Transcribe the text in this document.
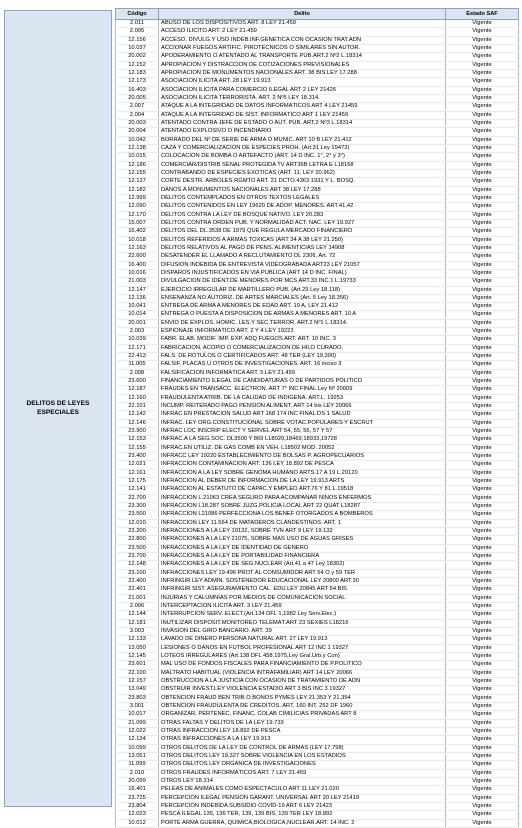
DELITOS DE LEYES ESPECIALES
Código	Delito	Estado SAF
2.011	ABUSO DE LOS DISPOSITIVOS ART. 8 LEY 21.459	Vigente
2.005	ACCESO ILÍCITO ART. 2 LEY 21.459	Vigente
12.156	ACCESO, DIVULG.Y USO INDEB.INF.GENÉTICA CON OCASIÓN TRAT.ADN	Vigente
10.037	ACCIONAR FUEGOS ARTIFIC. PIROTÉCNICOS O SIMILARES SIN AUTOR.	Vigente
20.002	APODERAMIENTO O ATENTADO AL TRANSPORTE PUB.ART.2 Nº2 L.18314	Vigente
12.152	APROPIACIÓN Y DISTRACCIÓN DE COTIZACIONES PREVISIONALES	Vigente
12.183	APROPIACIÓN DE MONUMENTOS NACIONALES ART. 38 BIS LEY 17.288	Vigente
12.173	ASOCIACIÓN ILÍCITA ART. 28 LEY 19.913	Vigente
16.403	ASOCIACIÓN ILÍCITA PARA COMERCIO ILEGAL ART 2 LEY 21426	Vigente
20.005	ASOCIACIÓN ILÍCITA TERRORISTA. ART. 2 Nº5 LEY 18.314.	Vigente
2.007	ATAQUE A LA INTEGRIDAD DE DATOS INFORMÁTICOS ART 4 LEY 21459	Vigente
2.004	ATAQUE A LA INTEGRIDAD DE SIST. INFORMÁTICO ART 1 LEY 21459	Vigente
20.003	ATENTADO CONTRA JEFE DE ESTADO O AUT. PUB. ART.2 Nº3 L.18314	Vigente
20.004	ATENTADO EXPLOSIVO O INCENDIARIO	Vigente
10.042	BORRADO DEL Nº DE SERIE DE ARMA O MUNIC. ART 10 B LEY 21.412	Vigente
12.138	CAZA Y COMERCIALIZACIÓN DE ESPECIES PROH. (Art.31 Ley 19473)	Vigente
10.015	COLOCACIÓN DE BOMBA O ARTEFACTO (ART. 14 D INC. 1°, 2° y 3°)	Vigente
12.186	COMERCIAR/DISTRIB SEÑAL PROTEGIDA TV ART36B LETRA E L18168	Vigente
12.155	CONTRABANDO DE ESPECIES EXÓTICAS (ART. 11, LEY 20.962)	Vigente
12.137	CORTE DESTR. ÁRBOLES RGMTO ART. 21 DCTO.4363 1931 Y L. BOSQ.	Vigente
12.182	DAÑOS A MONUMENTOS NACIONALES ART 38 LEY 17.288	Vigente
12.999	DELITOS CONTEMPLADOS EN OTROS TEXTOS LEGALES	Vigente
12.090	DELITOS CONTENIDOS EN LEY 19620 DE ADOP. MENORES. ART.41,42	Vigente
12.170	DELITOS CONTRA LA LEY DE BOSQUE NATIVO. LEY 20.283	Vigente
15.007	DELITOS CONTRA ORDEN PUB. Y NORMALIDAD ACT. NAC. LEY 19.927	Vigente
16.402	DELITOS DEL DL.3538 DE 1979 QUE REGULA MERCADO FINANCIERO	Vigente
10.018	DELITOS REFERIDOS A ARMAS TÓXICAS (ART 34 A 38 LEY 21.250)	Vigente
12.163	DELITOS RELATIVOS AL PAGO DE PENS. ALIMENTICIAS LEY 14908	Vigente
22.600	DESATENDER EL LLAMADO A RECLUTAMIENTO DL 2306, Art. 72	Vigente
16.400	DIFUSIÓN INDEBIDA DE ENTREVISTA VIDEOGRABADA ART23 LEY 21057	Vigente
10.016	DISPAROS INJUSTIFICADOS EN VÍA PÚBLICA (ART 14 D INC. FINAL)	Vigente
21.003	DIVULGACIÓN DE IDENT.DE MENORES POR MCS ART.33 INC.1 L.19733	Vigente
12.147	EJERCICIO IRREGULAR DE MARTILLERO PUB. (Art.29 Ley 18.118)	Vigente
12.136	ENSEÑANZA NO AUTORIZ. DE ARTES MARCIALES (Art. 5 Ley 18.356)	Vigente
10.041	ENTREGA DE ARMA A MENORES DE EDAD ART. 10 A, LEY 21.412	Vigente
10.014	ENTREGA O PUESTA A DISPOSICIÓN DE ARMAS A MENORES ART. 10 A	Vigente
20.001	ENVÍO DE EXPLOS. HOMIC. LES.Y SEC.TERROR. ART.2 Nº1 L.18314.	Vigente
2.003	ESPIONAJE INFORMÁTICO ART. 2 Y 4 LEY 19223	Vigente
10.039	FABR. ELAB. MODIF. IMP. EXP. ADQ FUEGOS ART. ART. 10 INC. 3	Vigente
12.171	FABRICACIÓN, ACOPIO O COMERCIALIZACIÓN DE HILO CURADO.	Vigente
22.413	FALS. DE RÓTULOS O CERTIFICADOS ART. 48 TER (LEY 19.300)	Vigente
11.005	FALSIF. PLACAS U OTROS DE INVESTIGACIONES. ART. 16 inciso 3	Vigente
2.008	FALSIFICACIÓN INFORMÁTICA ART. 5 LEY 21.459	Vigente
23.600	FINANCIAMIENTO ILEGAL DE CANDIDATURAS O DE PARTIDOS POLÍTICO	Vigente
12.187	FRAUDES EN TRANSACC. ELECTRON. ART 7° INC FINAL Ley Nº 20009	Vigente
12.160	FRAUDULENTA ATRIB. DE LA CALIDAD DE INDÍGENA. ART.L. 19253	Vigente
22.101	INCUMP. REITERADO PAGO PENSIÓN ALIMENT. ART 14 bis LEY 20066	Vigente
12.142	INFRAC EN PRESTACION SALUD ART 168 174 INC FINAL DS 1 SALUD	Vigente
12.146	INFRAC. LEY ORG.CONSTITUCIONAL SOBRE VOTAC.POPULARES Y ESCRUT	Vigente
23.900	INFRAC LOC INSCRIP ELECT Y SERVEL ART 54, 55, 56, 57 Y 57	Vigente
12.153	INFRAC.A LA SEG.SOC. DL3500 Y 869 L18020,18469,18933,19728	Vigente
12.155	INFRAC.EN UTILIZ. DE GAS COMB EN VEH. L18502 MOD. 20052	Vigente
23.400	INFRACC LEY 19220 ESTABLECIMIENTO DE BOLSAS P. AGROPECUARIOS	Vigente
12.021	INFRACCION CONTAMINACION ART. 136 LEY 18.892 DE PESCA	Vigente
12.161	INFRACCIÓN A LA LEY SOBRE GENOMA HUMANO ARTS.17 A 19 L.20120	Vigente
12.175	INFRACCIÓN AL DEBER DE INFORMACIÓN DE LA LEY 19.913 ARTS	Vigente
12.141	INFRACCIÓN AL ESTATUTO DE CAPAC.Y EMPLEO ART.76 Y 81 L.19518	Vigente
22.700	INFRACCIÓN L.21063 CREA SEGURO PARA ACOMPAÑAR NIÑOS ENFERMOS	Vigente
23.300	INFRACCIÓN L18.287 SOBRE JUZG.POLICIA LOCAL ART 22 QUAT L18287	Vigente
23.500	INFRACCIÓN L21086 PERFECCIONA LOS BENEF OTORGADOS A BOMBEROS	Vigente
12.010	INFRACCIÓN LEY 11.564 DE MATADEROS CLANDESTINOS. ART. 1	Vigente
23.200	INFRACCIONES A LA LEY 19132, SOBRE TVN ART 9 LEY 19.132	Vigente
22.800	INFRACCIONES A LA LEY 21075, SOBRE MAS USO DE AGUAS GRISES	Vigente
23.500	INFRACCIONES A LA LEY DE IDENTIDAD DE GÉNERO	Vigente
23.700	INFRACCIONES A LA LEY DE PORTABILIDAD FINANCIERA	Vigente
12.148	INFRACCIONES A LA LEY DE SEG.NUCLEAR (Art.41 a 47 Ley 18302)	Vigente
23.100	INFRACCIONES LEY 19.496 PROT AL CONSUMIDOR ART 54 O y 59 TER	Vigente
22.400	INFRINGIR LEY ADMIN. SOSTENEDOR EDUCACIONAL LEY 20800 ART.30	Vigente
22.401	INFRINGIR SIST. ASEGURAMIENTO CAL. EDU.LEY 20845 ART 54 BIS	Vigente
21.001	INJURIAS Y CALUMNIAS POR MEDIOS DE COMUNICACIÓN SOCIAL	Vigente
2.006	INTERCEPTACIÓN ILÍCITA ART. 3 LEY 21.459	Vigente
12.144	INTERRUPCIÓN SERV. ELECT.(Art.134 DFL 1,1982 Ley Serv.Elec.)	Vigente
12.181	INUTILIZAR DISPOSIT.MONITOREO TELEMÁT.ART 23 SEXIES L18216	Vigente
3.003	INVASIÓN DEL GIRO BANCARIO. ART. 39	Vigente
12.133	LAVADO DE DINERO PERSONA NATURAL ART. 27 LEY 19.913	Vigente
13.050	LESIONES O DAÑOS EN FÚTBOL PROFESIONAL ART 12 INC 1 19327	Vigente
12.145	LOTEOS IRREGULARES (Art.138 DFL 458,1975,Ley Gral.Urb.y Con)	Vigente
23.601	MAL USO DE FONDOS FISCALES PARA FINANCIAMIENTO DE P.POLITICO	Vigente
22.100	MALTRATO HABITUAL (VIOLENCIA INTRAFAMILIAR) ART 14 LEY 20066	Vigente
12.157	OBSTRUCCIÓN A LA JUSTICIA CON OCASION DE TRATAMIENTO DE ADN	Vigente
13.049	OBSTRUIR INVEST.LEY VIOLENCIA ESTADIO ART 3 BIS INC 3 19327	Vigente
23.803	OBTENCIÓN FRAUD BEN TRIB O BONOS PYMES LEY 21.353 Y 21.354	Vigente
3.001	OBTENCIÓN FRAUDULENTA DE CRÉDITOS. ART. 160 INT. 252 DF 1960	Vigente
10.017	ORGANIZAR, PERTENEC, FINANC, COLAB CIMILICIAS PRIVADAS ART 8	Vigente
21.099	OTRAS FALTAS Y DELITOS DE LA LEY 19.733	Vigente
12.022	OTRAS INFRACCIÓN LEY 18.892 DE PESCA	Vigente
12.134	OTRAS INFRACCIONES A LA LEY 19.913	Vigente
10.099	OTROS DELITOS DE LA LEY DE CONTROL DE ARMAS (LEY 17.798)	Vigente
13.051	OTROS DELITOS LEY 19.327 SOBRE VIOLENCIA EN LOS ESTADIOS	Vigente
11.099	OTROS DELITOS LEY ORGÁNICA DE INVESTIGACIONES	Vigente
2.010	OTROS FRAUDES INFORMÁTICOS ART. 7 LEY 21.459	Vigente
20.099	OTROS LEY 18.314	Vigente
16.401	PELEAS DE ANIMALES COMO ESPECTÁCULO ART 11 LEY 21.020	Vigente
23.725	PERCEPCIÓN ILEGAL PENSIÓN GARANT. UNIVERSAL ART 20 LEY 21419	Vigente
23.804	PERCEPCIÓN INDEBIDA SUBSIDIO COVID-19 ART 6 LEY 21423	Vigente
12.023	PESCA ILEGAL 135, 136 TER, 139, 139 BIS, 139 TER LEY 18.892	Vigente
10.012	PORTE ARMA GUERRA, QUÍMICA,BIOLÓGICA,NUCLEAR.ART. 14 INC. 2	Vigente
